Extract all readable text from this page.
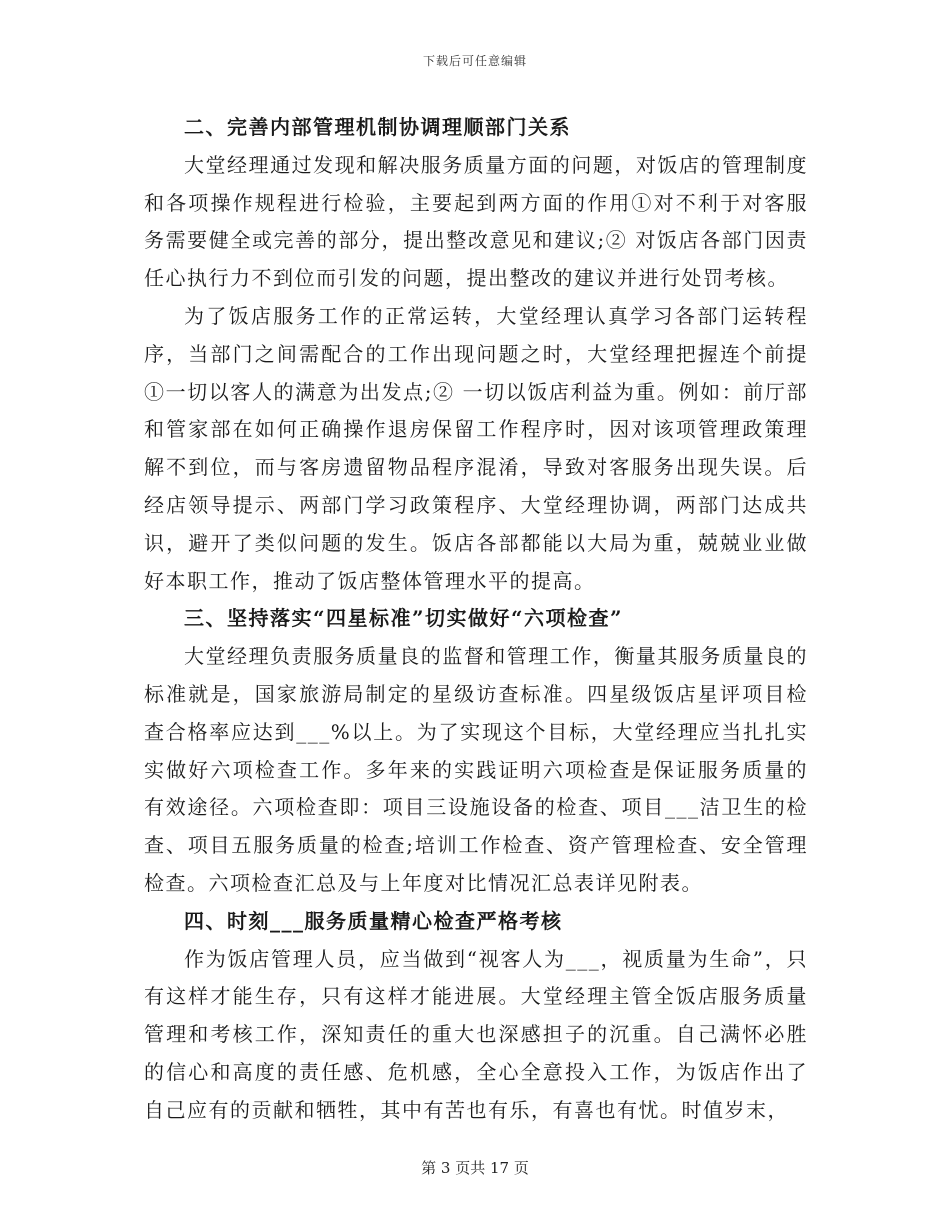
下载后可任意编辑

二、完善内部管理机制协调理顺部门关系

大堂经理通过发现和解决服务质量方面的问题，对饭店的管理制度和各项操作规程进行检验，主要起到两方面的作用①对不利于对客服务需要健全或完善的部分，提出整改意见和建议;② 对饭店各部门因责任心执行力不到位而引发的问题，提出整改的建议并进行处罚考核。

为了饭店服务工作的正常运转，大堂经理认真学习各部门运转程序，当部门之间需配合的工作出现问题之时，大堂经理把握连个前提①一切以客人的满意为出发点;② 一切以饭店利益为重。例如：前厅部和管家部在如何正确操作退房保留工作程序时，因对该项管理政策理解不到位，而与客房遗留物品程序混淆，导致对客服务出现失误。后经店领导提示、两部门学习政策程序、大堂经理协调，两部门达成共识，避开了类似问题的发生。饭店各部都能以大局为重，兢兢业业做好本职工作，推动了饭店整体管理水平的提高。

三、坚持落实“四星标准”切实做好“六项检查”

大堂经理负责服务质量良的监督和管理工作，衡量其服务质量良的标准就是，国家旅游局制定的星级访查标准。四星级饭店星评项目检查合格率应达到___%以上。为了实现这个目标，大堂经理应当扎扎实实做好六项检查工作。多年来的实践证明六项检查是保证服务质量的有效途径。六项检查即：项目三设施设备的检查、项目___洁卫生的检查、项目五服务质量的检查;培训工作检查、资产管理检查、安全管理检查。六项检查汇总及与上年度对比情况汇总表详见附表。

四、时刻___服务质量精心检查严格考核

作为饭店管理人员，应当做到“视客人为___，视质量为生命”，只有这样才能生存，只有这样才能进展。大堂经理主管全饭店服务质量管理和考核工作，深知责任的重大也深感担子的沉重。自己满怀必胜的信心和高度的责任感、危机感，全心全意投入工作，为饭店作出了自己应有的贡献和牺牲，其中有苦也有乐，有喜也有忧。时值岁末，

第 3 页共 17 页
